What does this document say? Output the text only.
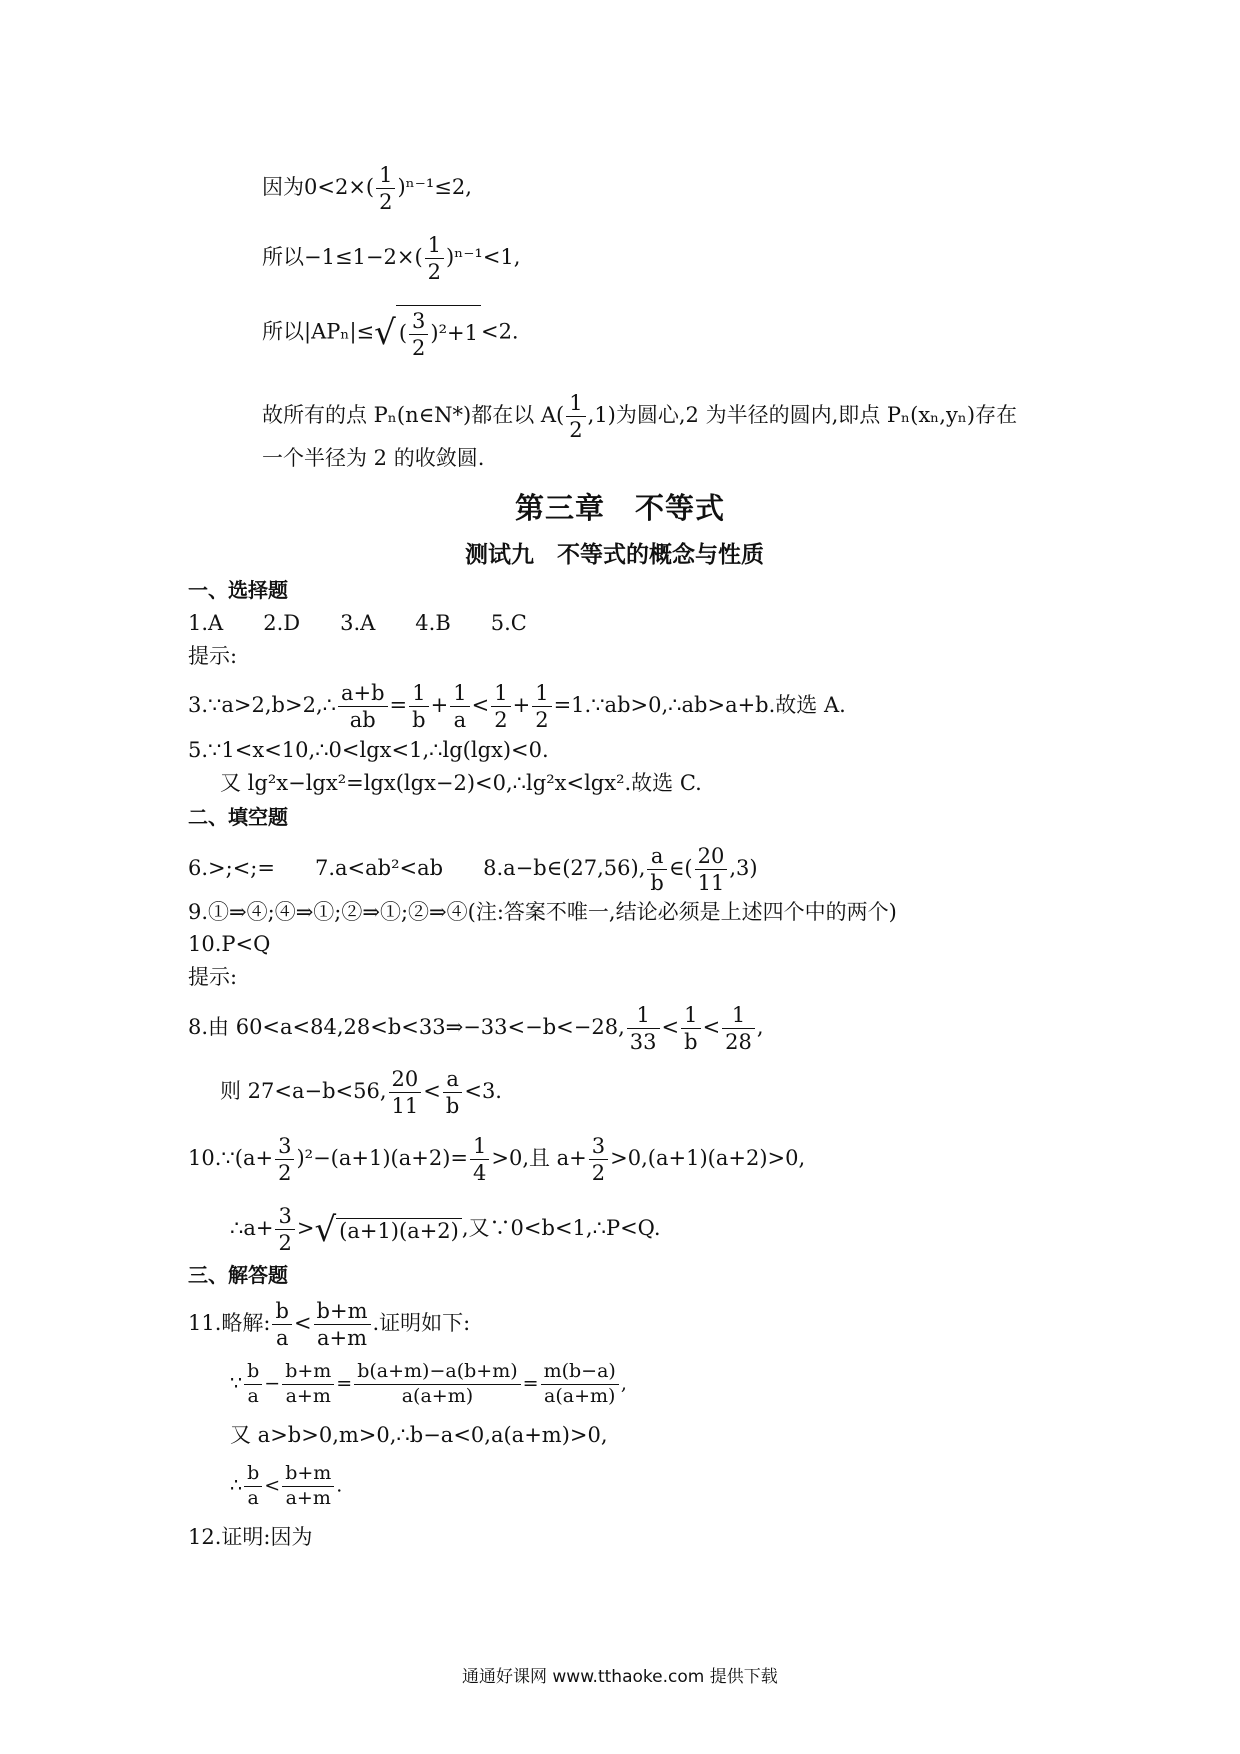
因为$0<2\times( \frac{1}{2} )^{n-1}\le 2$,
所以$-1\le 1-2\times( \frac{1}{2} )^{n-1}<1$,
所以|APₙ|≤√ ( $\frac{3}{2} )^2+1 <2$.
故所有的点 Pₙ(n∈N*)都在以 $A( \frac{1}{2} ,1)$为圆心,2 为半径的圆内,即点 Pₙ(xₙ,yₙ)存在
一个半径为 2 的收敛圆.
第三章　不等式
测试九　不等式的概念与性质
一、选择题
1.A 2.D 3.A 4.B 5.C
提示:
3.∵a>2,b>2,∴ $\frac{a+b}{ab} = \frac{1}{b} + \frac{1}{a} < \frac{1}{2} + \frac{1}{2}$ =1.∵ab>0,∴ab>a+b.故选 A.
5.∵1<x<10,∴0<lgx<1,∴lg(lgx)<0.
又 lg²x−lgx²=lgx(lgx−2)<0,∴lg²x<lgx².故选 C.
二、填空题
6.>;<;= 7.a<ab²<ab 8.a−b∈(27,56), $\frac{a}{b}$ ∈( $\frac{20}{11} ,3$)
9.①⇒④;④⇒①;②⇒①;②⇒④(注:答案不唯一,结论必须是上述四个中的两个)
10.P<Q
提示:
8.由 60<a<84,28<b<33⇒−33<−b<−28, $\frac{1}{33} < \frac{1}{b} < \frac{1}{28}$ ,
则 27<a−b<56, $\frac{20}{11} < \frac{a}{b} <3$.
10.∵(a+ $\frac{3}{2} )^2-(a+1)(a+2)= \frac{1}{4} >0$,且 $a+ \frac{3}{2} >0,(a+1)(a+2)>0$,
∴a+ $\frac{3}{2}$ >√ (a+1)(a+2) ,又∵0<b<1,∴P<Q.
三、解答题
11.略解: $\frac{b}{a} < \frac{b+m}{a+m}$ .证明如下:
∵ $\frac{b}{a} - \frac{b+m}{a+m} = \frac{b(a+m)-a(b+m)}{a(a+m)} = \frac{m(b-a)}{a(a+m)}$ ,
又 a>b>0,m>0,∴b−a<0,a(a+m)>0,
∴ $\frac{b}{a} < \frac{b+m}{a+m}$ .
12.证明:因为
通通好课网 www.tthaoke.com 提供下载
